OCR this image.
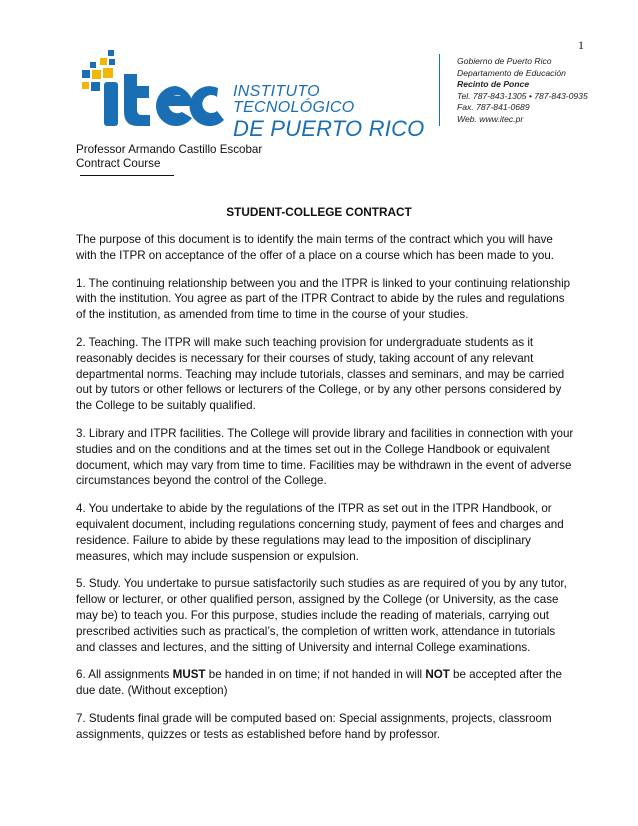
1
INSTITUTO TECNOLÓGICO
DE PUERTO RICO
Gobierno de Puerto Rico
Departamento de Educación
Recinto de Ponce
Tel. 787-843-1305 • 787-843-0935
Fax. 787-841-0689
Web. www.itec.pr
Professor Armando Castillo Escobar
Contract Course
STUDENT-COLLEGE CONTRACT

The purpose of this document is to identify the main terms of the contract which you will have with the ITPR on acceptance of the offer of a place on a course which has been made to you.

1. The continuing relationship between you and the ITPR is linked to your continuing relationship with the institution. You agree as part of the ITPR Contract to abide by the rules and regulations of the institution, as amended from time to time in the course of your studies.

2. Teaching. The ITPR will make such teaching provision for undergraduate students as it reasonably decides is necessary for their courses of study, taking account of any relevant departmental norms. Teaching may include tutorials, classes and seminars, and may be carried out by tutors or other fellows or lecturers of the College, or by any other persons considered by the College to be suitably qualified.

3. Library and ITPR facilities. The College will provide library and facilities in connection with your studies and on the conditions and at the times set out in the College Handbook or equivalent document, which may vary from time to time. Facilities may be withdrawn in the event of adverse circumstances beyond the control of the College.

4. You undertake to abide by the regulations of the ITPR as set out in the ITPR Handbook, or equivalent document, including regulations concerning study, payment of fees and charges and residence. Failure to abide by these regulations may lead to the imposition of disciplinary measures, which may include suspension or expulsion.

5. Study. You undertake to pursue satisfactorily such studies as are required of you by any tutor, fellow or lecturer, or other qualified person, assigned by the College (or University, as the case may be) to teach you. For this purpose, studies include the reading of materials, carrying out prescribed activities such as practical’s, the completion of written work, attendance in tutorials and classes and lectures, and the sitting of University and internal College examinations.

6. All assignments MUST be handed in on time; if not handed in will NOT be accepted after the due date. (Without exception)

7. Students final grade will be computed based on: Special assignments, projects, classroom assignments, quizzes or tests as established before hand by professor.
